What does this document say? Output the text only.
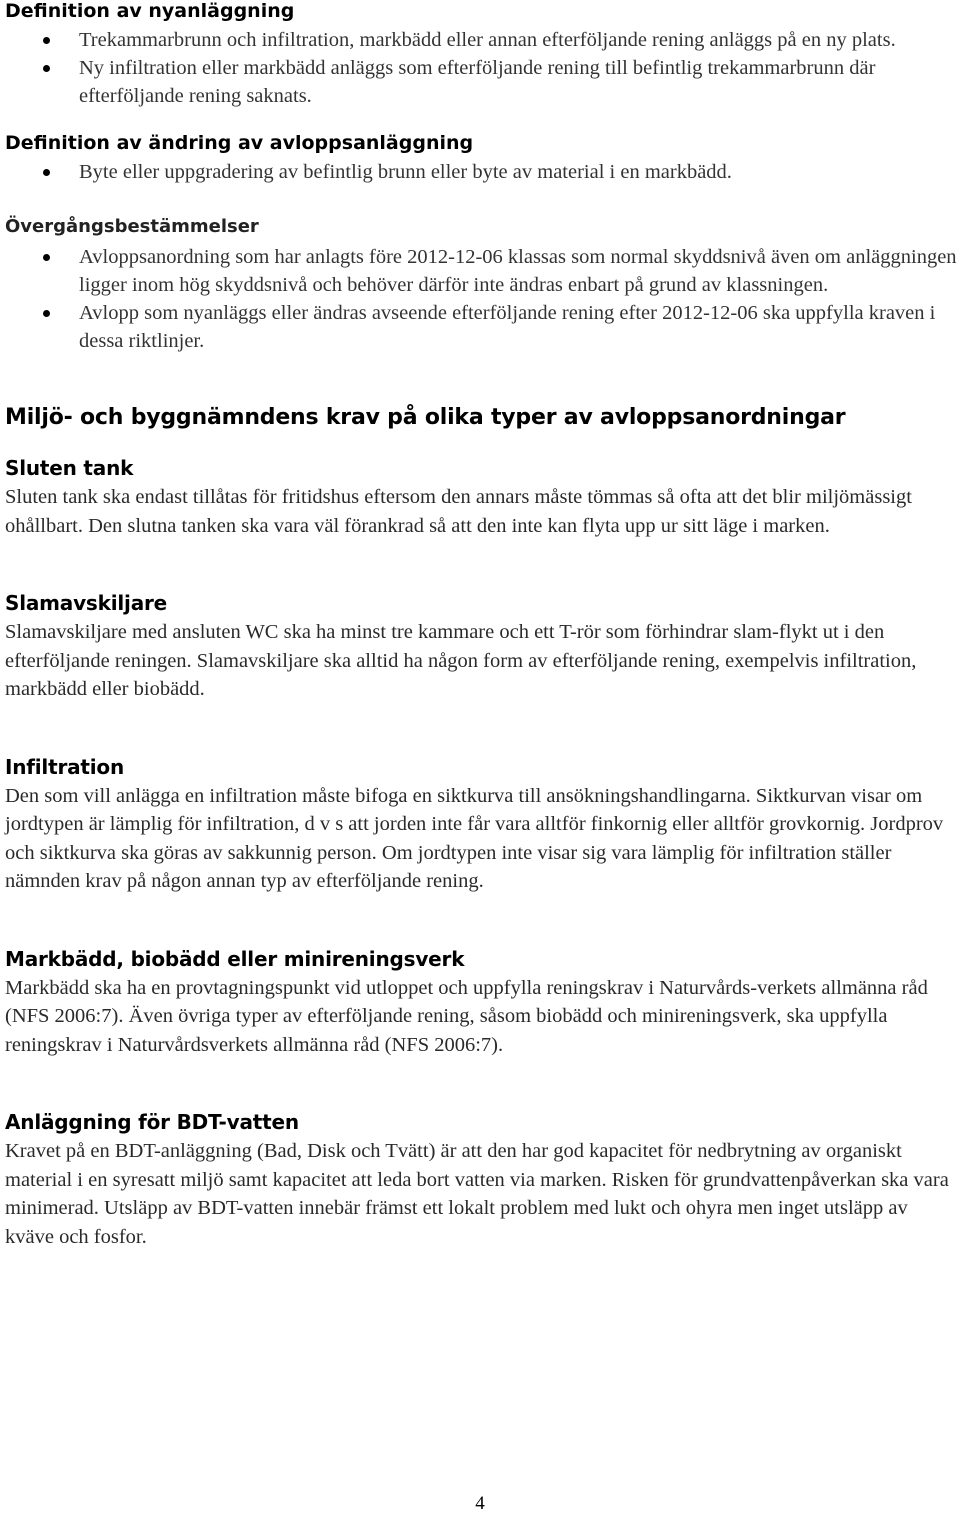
Definition av nyanläggning
Trekammarbrunn och infiltration, markbädd eller annan efterföljande rening anläggs på en ny plats.
Ny infiltration eller markbädd anläggs som efterföljande rening till befintlig trekammarbrunn där efterföljande rening saknats.
Definition av ändring av avloppsanläggning
Byte eller uppgradering av befintlig brunn eller byte av material i en markbädd.
Övergångsbestämmelser
Avloppsanordning som har anlagts före 2012-12-06 klassas som normal skyddsnivå även om anläggningen ligger inom hög skyddsnivå och behöver därför inte ändras enbart på grund av klassningen.
Avlopp som nyanläggs eller ändras avseende efterföljande rening efter 2012-12-06 ska uppfylla kraven i dessa riktlinjer.
Miljö- och byggnämndens krav på olika typer av avloppsanordningar
Sluten tank

Sluten tank ska endast tillåtas för fritidshus eftersom den annars måste tömmas så ofta att det blir miljömässigt ohållbart. Den slutna tanken ska vara väl förankrad så att den inte kan flyta upp ur sitt läge i marken.

Slamavskiljare

Slamavskiljare med ansluten WC ska ha minst tre kammare och ett T-rör som förhindrar slam-flykt ut i den efterföljande reningen. Slamavskiljare ska alltid ha någon form av efterföljande rening, exempelvis infiltration, markbädd eller biobädd.

Infiltration

Den som vill anlägga en infiltration måste bifoga en siktkurva till ansökningshandlingarna. Siktkurvan visar om jordtypen är lämplig för infiltration, d v s att jorden inte får vara alltför finkornig eller alltför grovkornig. Jordprov och siktkurva ska göras av sakkunnig person. Om jordtypen inte visar sig vara lämplig för infiltration ställer nämnden krav på någon annan typ av efterföljande rening.

Markbädd, biobädd eller minireningsverk

Markbädd ska ha en provtagningspunkt vid utloppet och uppfylla reningskrav i Naturvårds-verkets allmänna råd (NFS 2006:7). Även övriga typer av efterföljande rening, såsom biobädd och minireningsverk, ska uppfylla reningskrav i Naturvårdsverkets allmänna råd (NFS 2006:7).

Anläggning för BDT-vatten

Kravet på en BDT-anläggning (Bad, Disk och Tvätt) är att den har god kapacitet för nedbrytning av organiskt material i en syresatt miljö samt kapacitet att leda bort vatten via marken. Risken för grundvattenpåverkan ska vara minimerad. Utsläpp av BDT-vatten innebär främst ett lokalt problem med lukt och ohyra men inget utsläpp av kväve och fosfor.

4
